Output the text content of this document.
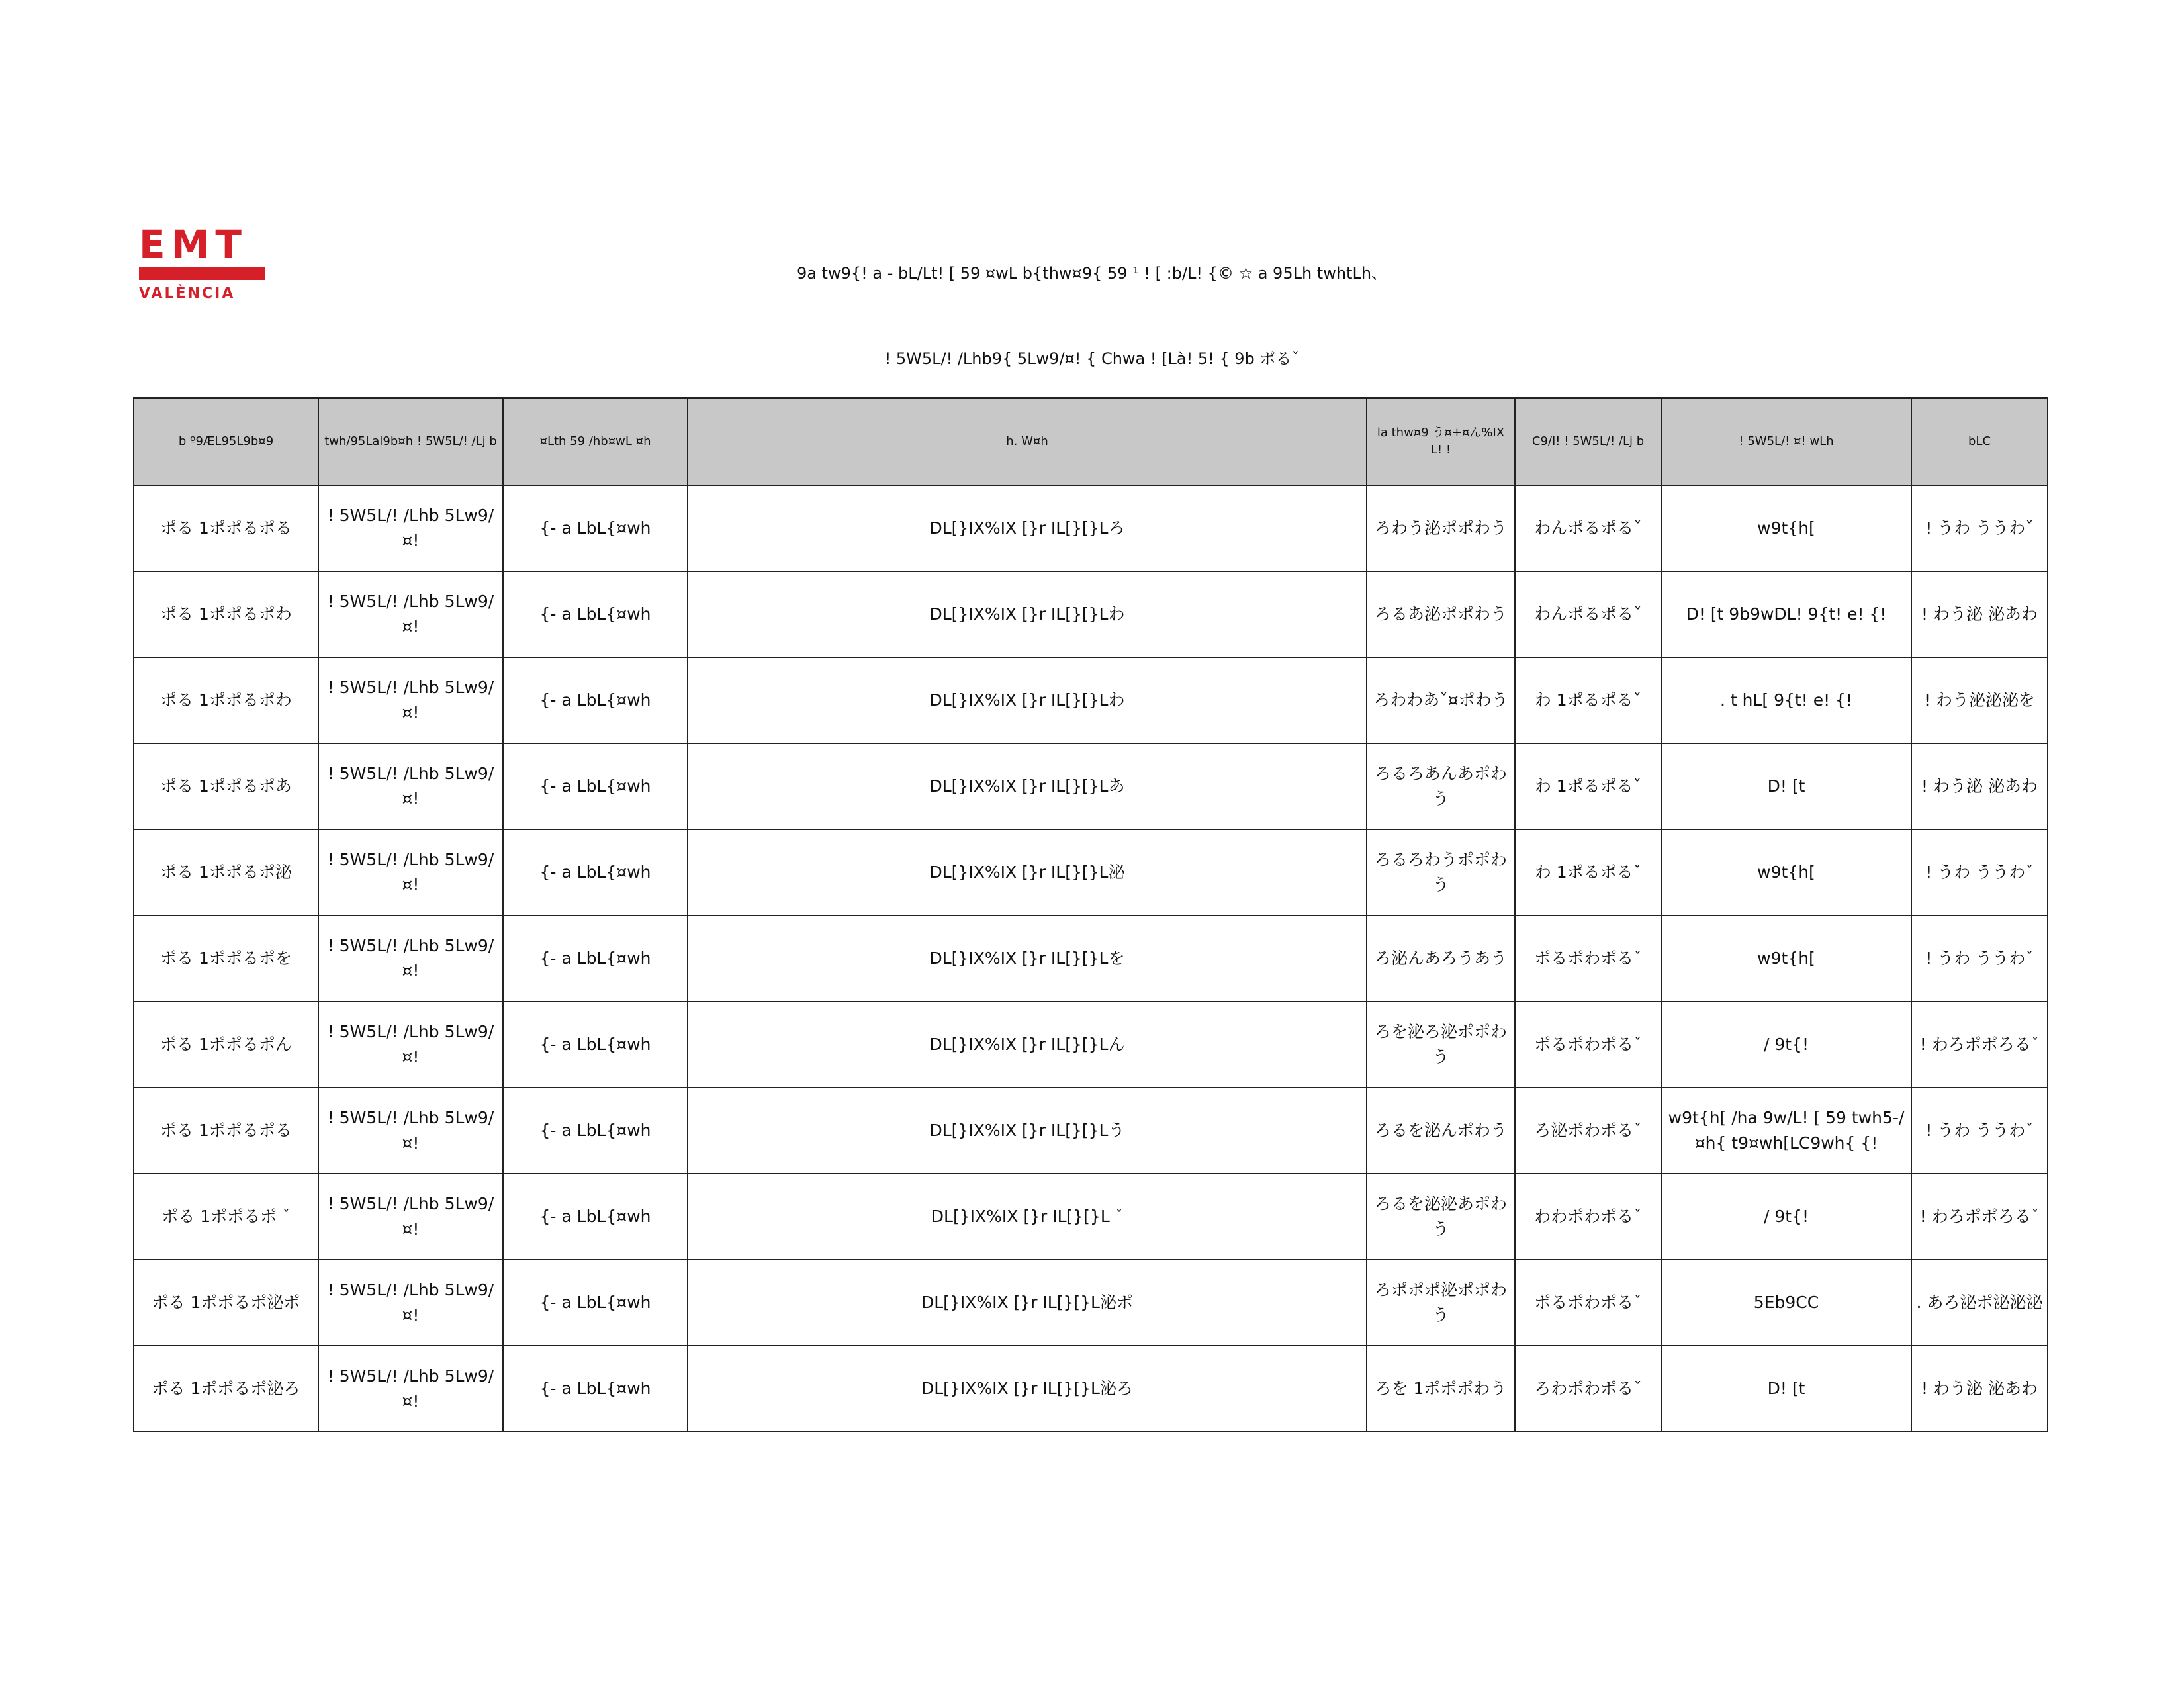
EMT
VALÈNCIA
9a tw9{! a - bL/Lt! [ 59 ¤wL b{thw¤9{ 59 ¹ ! [ :b/L! {© ☆ a 95Lh twhtLh、
! 5W5L/! /Lhb9{ 5Lw9/¤! { Chwa ! [Là! 5! { 9b ポるˇ
b º9ÆL95L9b¤9	twh/95Lal9b¤h ! 5W5L/! /Lj b	¤Lth 59 /hb¤wL ¤h	h. W¤h	la thw¤9 う¤+¤ん%IX L! !	C9/I! ! 5W5L/! /Lj b	! 5W5L/! ¤! wLh	bLC
ポる 1ポポるポる	! 5W5L/! /Lhb 5Lw9/¤!	{- a LbL{¤wh	DL[}IX%IX [}r IL[}[}Lろ	ろわう泌ポポわう	わんポるポるˇ	w9t{h[	! うわ ううわˇ
ポる 1ポポるポわ	! 5W5L/! /Lhb 5Lw9/¤!	{- a LbL{¤wh	DL[}IX%IX [}r IL[}[}Lわ	ろるあ泌ポポわう	わんポるポるˇ	D! [t 9b9wDL! 9{t! e! {!	! わう泌 泌あわ
ポる 1ポポるポわ	! 5W5L/! /Lhb 5Lw9/¤!	{- a LbL{¤wh	DL[}IX%IX [}r IL[}[}Lわ	ろわわあˇ¤ポわう	わ 1ポるポるˇ	. t hL[ 9{t! e! {!	! わう泌泌泌を
ポる 1ポポるポあ	! 5W5L/! /Lhb 5Lw9/¤!	{- a LbL{¤wh	DL[}IX%IX [}r IL[}[}Lあ	ろるろあんあポわう	わ 1ポるポるˇ	D! [t	! わう泌 泌あわ
ポる 1ポポるポ泌	! 5W5L/! /Lhb 5Lw9/¤!	{- a LbL{¤wh	DL[}IX%IX [}r IL[}[}L泌	ろるろわうポポわう	わ 1ポるポるˇ	w9t{h[	! うわ ううわˇ
ポる 1ポポるポを	! 5W5L/! /Lhb 5Lw9/¤!	{- a LbL{¤wh	DL[}IX%IX [}r IL[}[}Lを	ろ泌んあろうあう	ポるポわポるˇ	w9t{h[	! うわ ううわˇ
ポる 1ポポるポん	! 5W5L/! /Lhb 5Lw9/¤!	{- a LbL{¤wh	DL[}IX%IX [}r IL[}[}Lん	ろを泌ろ泌ポポわう	ポるポわポるˇ	/ 9t{!	! わろポポろるˇ
ポる 1ポポるポる	! 5W5L/! /Lhb 5Lw9/¤!	{- a LbL{¤wh	DL[}IX%IX [}r IL[}[}Lう	ろるを泌んポわう	ろ泌ポわポるˇ	w9t{h[ /ha 9w/L! [ 59 twh5-/¤h{ t9¤wh[LC9wh{ {!	! うわ ううわˇ
ポる 1ポポるポ ˇ	! 5W5L/! /Lhb 5Lw9/¤!	{- a LbL{¤wh	DL[}IX%IX [}r IL[}[}L ˇ	ろるを泌泌あポわう	わわポわポるˇ	/ 9t{!	! わろポポろるˇ
ポる 1ポポるポ泌ポ	! 5W5L/! /Lhb 5Lw9/¤!	{- a LbL{¤wh	DL[}IX%IX [}r IL[}[}L泌ポ	ろポポポ泌ポポわう	ポるポわポるˇ	5Eb9CC	. あろ泌ポ泌泌泌
ポる 1ポポるポ泌ろ	! 5W5L/! /Lhb 5Lw9/¤!	{- a LbL{¤wh	DL[}IX%IX [}r IL[}[}L泌ろ	ろを 1ポポポわう	ろわポわポるˇ	D! [t	! わう泌 泌あわ
